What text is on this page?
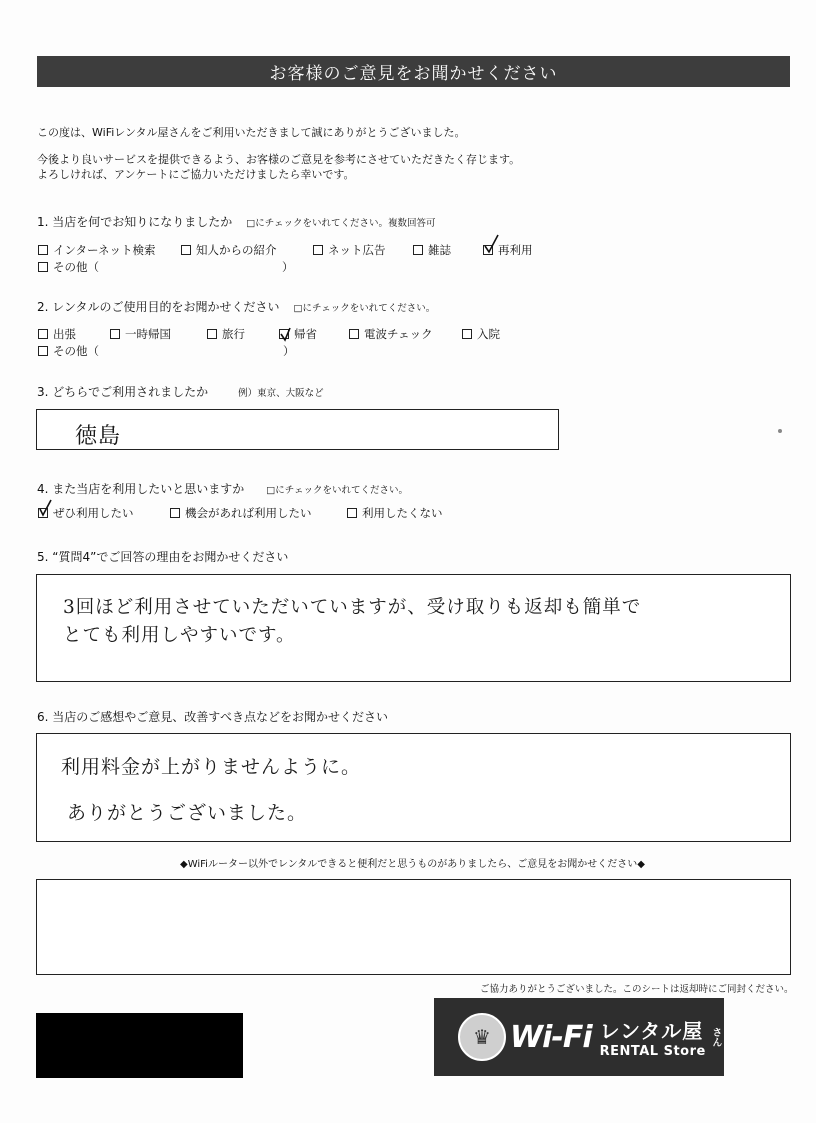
お客様のご意見をお聞かせください
この度は、WiFiレンタル屋さんをご利用いただきまして誠にありがとうございました。
今後より良いサービスを提供できるよう、お客様のご意見を参考にさせていただきたく存じます。
よろしければ、アンケートにご協力いただけましたら幸いです。
1. 当店を何でお知りになりましたか □にチェックをいれてください。複数回答可
インターネット検索	知人からの紹介	ネット広告	雑誌	再利用
その他（	）
2. レンタルのご使用目的をお聞かせください □にチェックをいれてください。
出張	一時帰国	旅行	帰省	電波チェック	入院
その他（	）
3. どちらでご利用されましたか	例）東京、大阪など
徳島
4. また当店を利用したいと思いますか □にチェックをいれてください。
ぜひ利用したい	機会があれば利用したい	利用したくない
5. “質問4”でご回答の理由をお聞かせください
3回ほど利用させていただいていますが、受け取りも返却も簡単で
とても利用しやすいです。
6. 当店のご感想やご意見、改善すべき点などをお聞かせください
利用料金が上がりませんように。
ありがとうございました。
◆WiFiルーター以外でレンタルできると便利だと思うものがありましたら、ご意見をお聞かせください◆
ご協力ありがとうございました。このシートは返却時にご同封ください。
♛ Wi-Fi レンタル屋
RENTAL Store
さん
